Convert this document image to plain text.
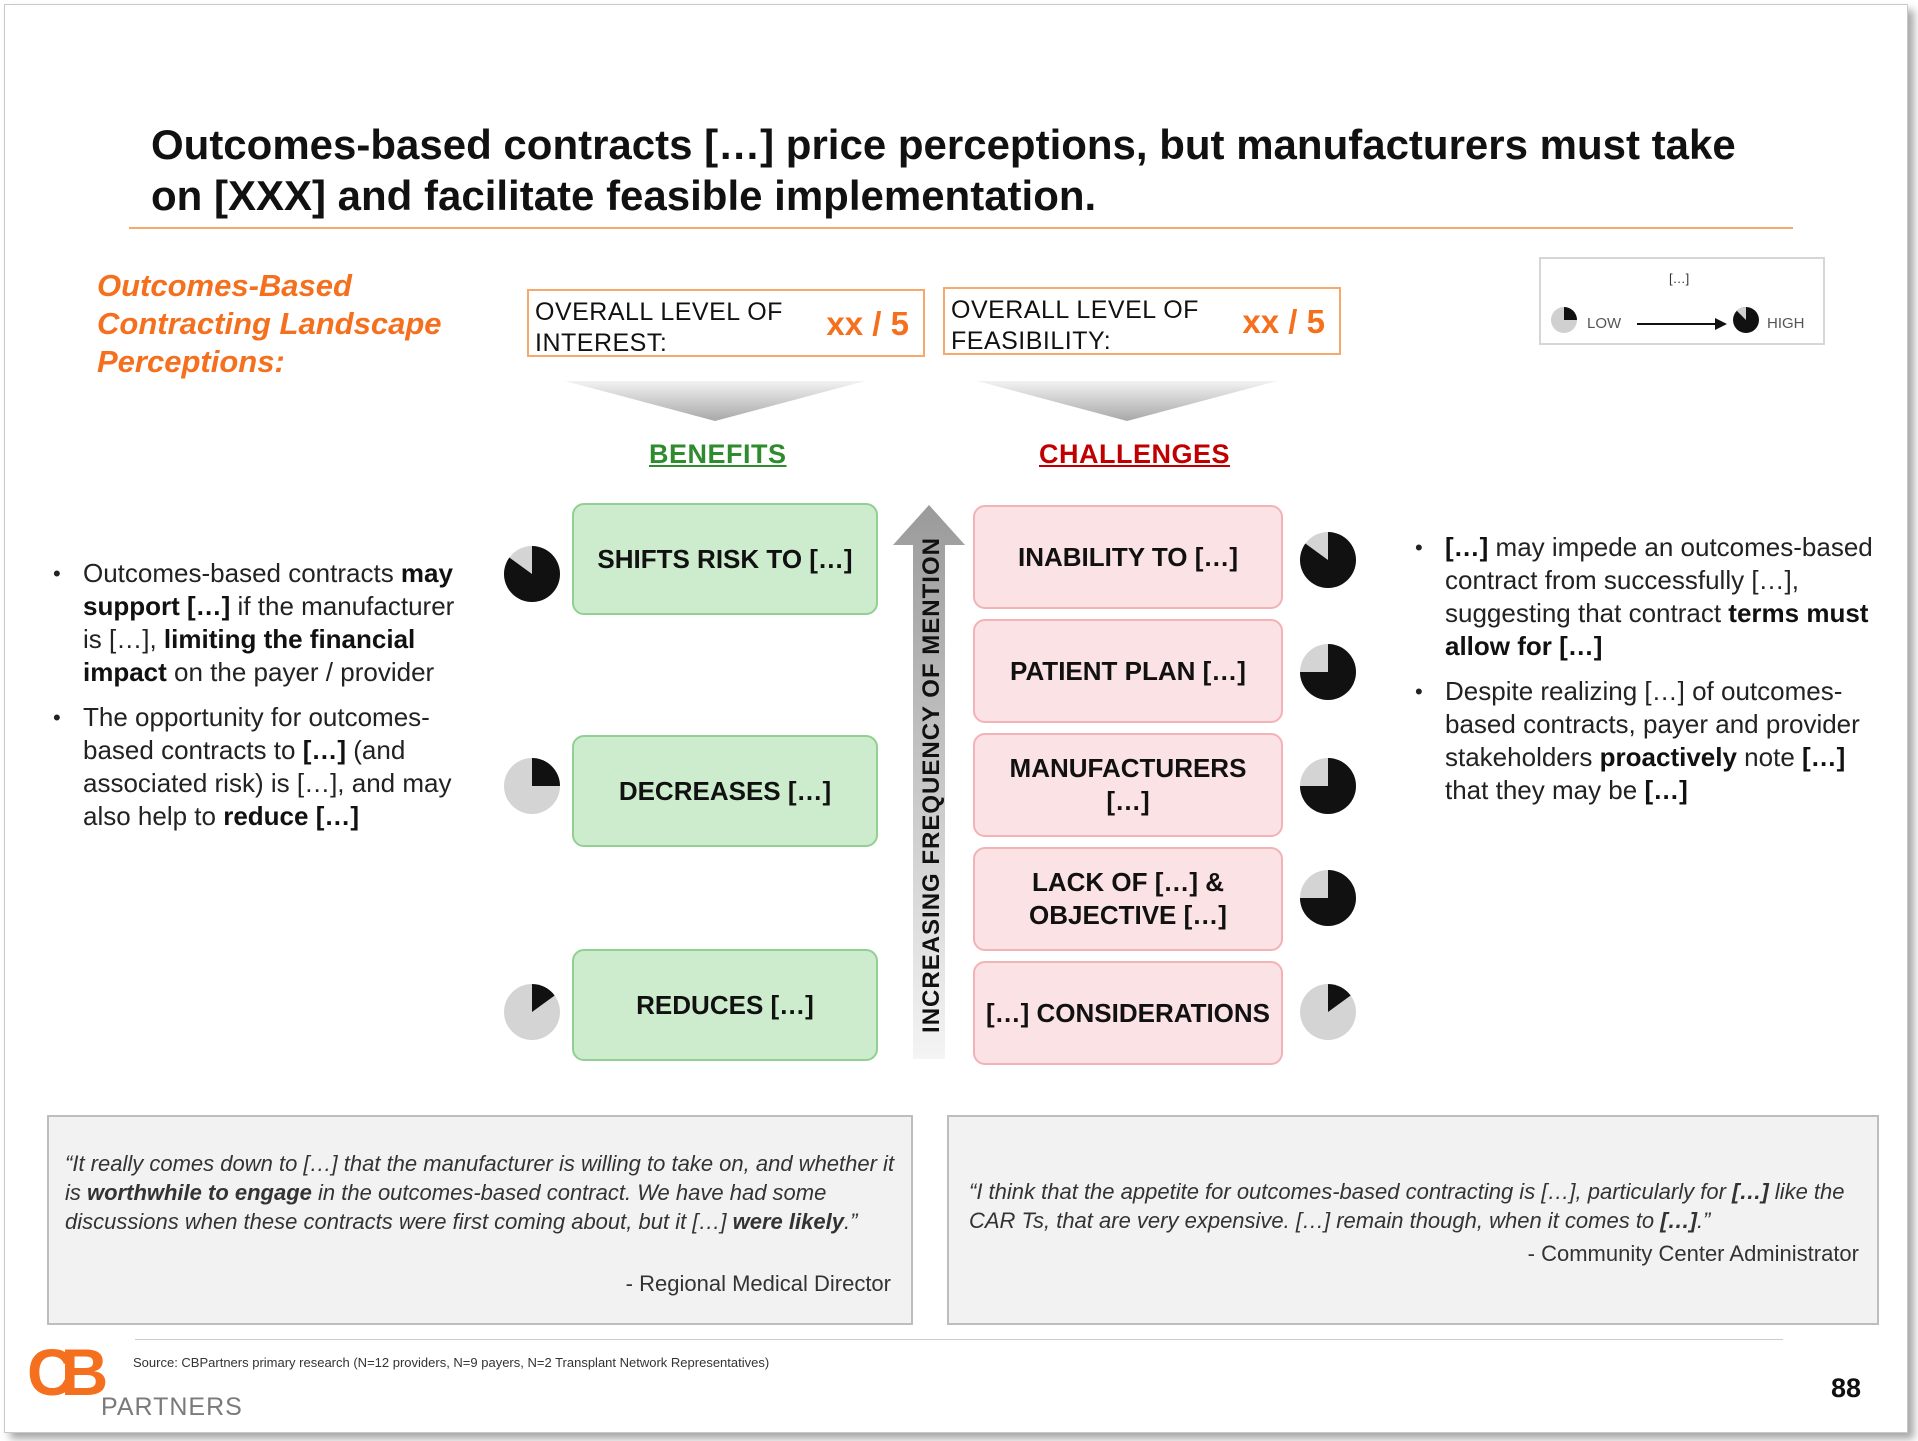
Outcomes-based contracts […] price perceptions, but manufacturers must take on [XXX] and facilitate feasible implementation.
Outcomes-Based Contracting Landscape Perceptions:
OVERALL LEVEL OF INTEREST:
xx / 5 OVERALL LEVEL OF FEASIBILITY:
xx / 5
[…]
LOW	HIGH
BENEFITS	CHALLENGES
SHIFTS RISK TO […]
DECREASES […]
REDUCES […]	INCREASING FREQUENCY OF MENTION	INABILITY TO […]
PATIENT PLAN […]
MANUFACTURERS […]
LACK OF […] & OBJECTIVE […]
[…] CONSIDERATIONS
• Outcomes-based contracts may support […] if the manufacturer is […], limiting the financial impact on the payer / provider
• The opportunity for outcomes-based contracts to […] (and associated risk) is […], and may also help to reduce […]
• […] may impede an outcomes-based contract from successfully […], suggesting that contract terms must allow for […]
• Despite realizing […] of outcomes-based contracts, payer and provider stakeholders proactively note […] that they may be […]
“It really comes down to […] that the manufacturer is willing to take on, and whether it is worthwhile to engage in the outcomes-based contract. We have had some discussions when these contracts were first coming about, but it […] were likely.”
- Regional Medical Director
“I think that the appetite for outcomes-based contracting is […], particularly for […] like the CAR Ts, that are very expensive. […] remain though, when it comes to […].”
- Community Center Administrator
Source: CBPartners primary research (N=12 providers, N=9 payers, N=2 Transplant Network Representatives)
88
CB PARTNERS
